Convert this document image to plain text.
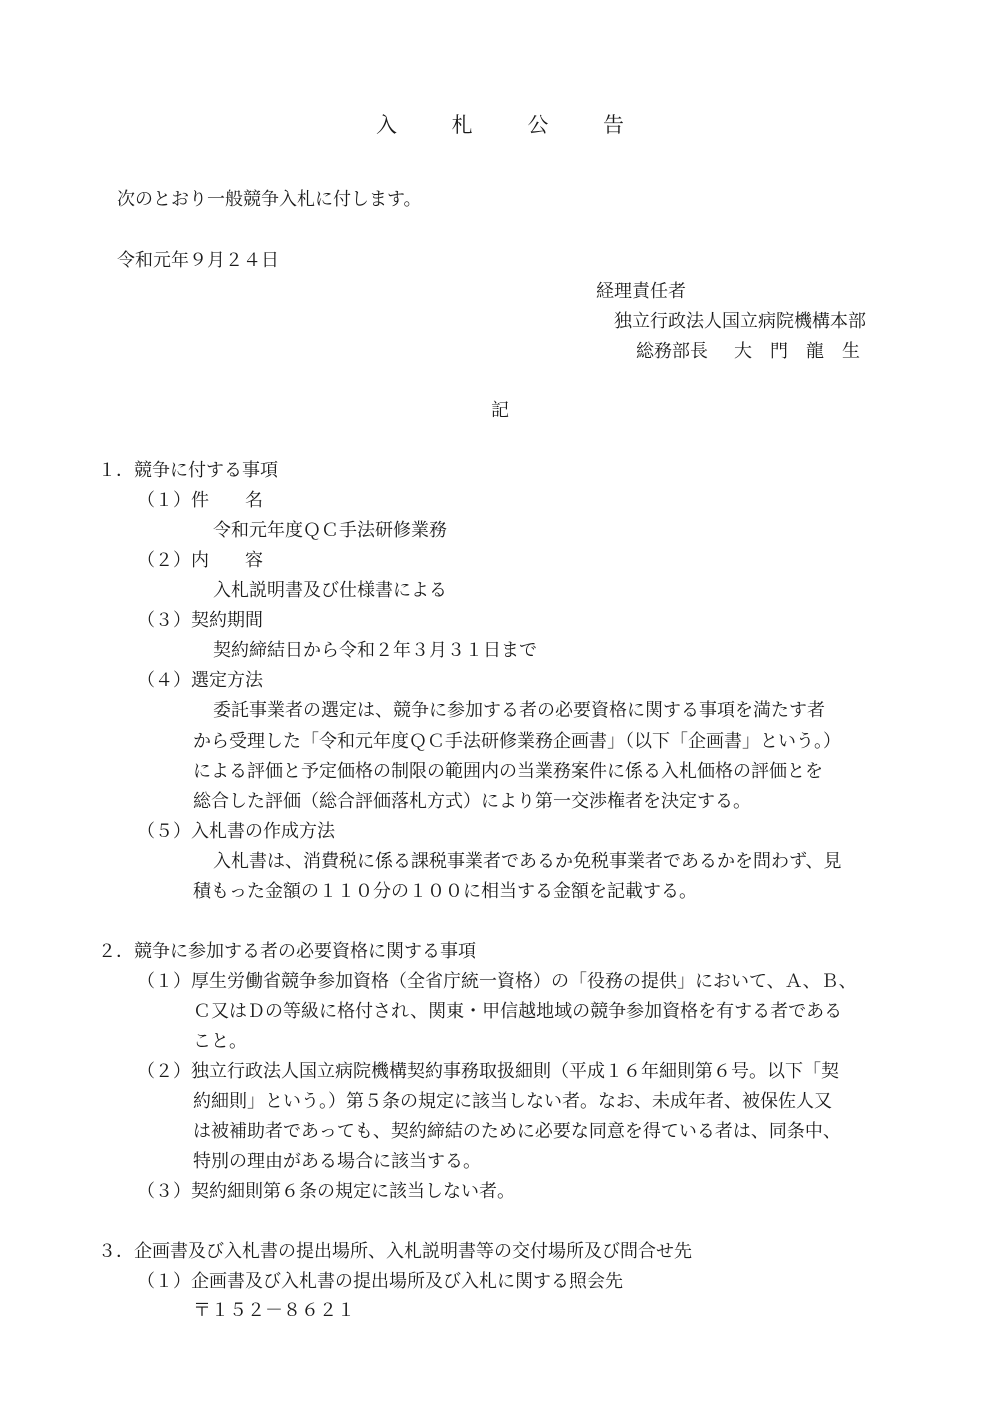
入 札 公 告
次のとおり一般競争入札に付します。
令和元年９月２４日
経理責任者
独立行政法人国立病院機構本部
総務部長 大　門　龍　生
記
１．競争に付する事項
（１）件　　名
令和元年度ＱＣ手法研修業務
（２）内　　容
入札説明書及び仕様書による
（３）契約期間
契約締結日から令和２年３月３１日まで
（４）選定方法
委託事業者の選定は、競争に参加する者の必要資格に関する事項を満たす者
から受理した「令和元年度ＱＣ手法研修業務企画書」（以下「企画書」という。）
による評価と予定価格の制限の範囲内の当業務案件に係る入札価格の評価とを
総合した評価（総合評価落札方式）により第一交渉権者を決定する。
（５）入札書の作成方法
入札書は、消費税に係る課税事業者であるか免税事業者であるかを問わず、見
積もった金額の１１０分の１００に相当する金額を記載する。
２．競争に参加する者の必要資格に関する事項
（１）厚生労働省競争参加資格（全省庁統一資格）の「役務の提供」において、Ａ、Ｂ、
Ｃ又はＤの等級に格付され、関東・甲信越地域の競争参加資格を有する者である
こと。
（２）独立行政法人国立病院機構契約事務取扱細則（平成１６年細則第６号。以下「契
約細則」という。）第５条の規定に該当しない者。なお、未成年者、被保佐人又
は被補助者であっても、契約締結のために必要な同意を得ている者は、同条中、
特別の理由がある場合に該当する。
（３）契約細則第６条の規定に該当しない者。
３．企画書及び入札書の提出場所、入札説明書等の交付場所及び問合せ先
（１）企画書及び入札書の提出場所及び入札に関する照会先
〒１５２－８６２１
